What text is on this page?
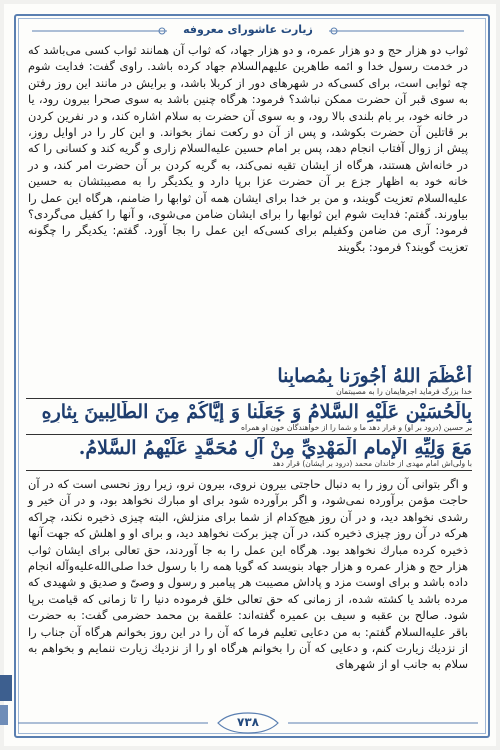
زيارت عاشوراى معروفه

ثواب دو هزار حج و دو هزار عمره، و دو هزار جهاد، كه ثواب آن همانند ثواب كسى مى‌باشد كه در خدمت رسول خدا و ائمه طاهرين عليهم‌السلام جهاد كرده باشد. راوى گفت: فدايت شوم چه ثوابى است، براى كسى‌كه در شهرهاى دور از كربلا باشد، و برايش در مانند اين روز رفتن به سوى قبر آن حضرت ممكن نباشد؟ فرمود: هرگاه چنين باشد به سوى صحرا بيرون رود، يا در خانه خود، بر بام بلندى بالا رود، و به سوى آن حضرت به سلام اشاره كند، و در نفرين كردن بر قاتلين آن حضرت بكوشد، و پس از آن دو ركعت نماز بخواند. و اين كار را در اوايل روز، پيش از زوال آفتاب انجام دهد، پس بر امام حسين عليه‌السلام زارى و گريه كند و كسانى را كه در خانه‌اش هستند، هرگاه از ايشان تقيه نمى‌كند، به گريه كردن بر آن حضرت امر كند، و در خانه خود به اظهار جزع بر آن حضرت عزا برپا دارد و يكديگر را به مصيبتشان به حسين عليه‌السلام تعزيت گويند، و من بر خدا براى ايشان همه آن ثوابها را ضامنم، هرگاه اين عمل را بياورند. گفتم: فدايت شوم اين ثوابها را براى ايشان ضامن مى‌شوى، و آنها را كفيل مى‌گردى؟ فرمود: آرى من ضامن وكفيلم براى كسى‌كه اين عمل را بجا آورد. گفتم: يكديگر را چگونه تعزيت گويند؟ فرمود: بگويند

أَعْظَمَ اللهُ أُجُورَنا بِمُصابِنا
خدا بزرگ فرمايد اجرهايمان را به مصيبتمان
بِالْحُسَيْنِ عَلَيْهِ السَّلامُ وَ جَعَلَنا وَ إيَّاكُمْ مِنَ الطّالِبينَ بِثارِهِ
بر حسين (درود بر او) و قرار دهد ما و شما را از خواهندگان خون او همراه
مَعَ وَلِيِّهِ الْإمامِ الْمَهْدِيِّ مِنْ آلِ مُحَمَّدٍ عَلَيْهِمُ السَّلامُ.
با ولى‌اش امام مهدى از خاندان محمد (درود بر ايشان) قرار دهد

و اگر بتوانى آن روز را به دنبال حاجتى بيرون نروى، بيرون نرو، زيرا روز نحسى است كه در آن حاجت مؤمن برآورده نمى‌شود، و اگر برآورده شود براى او مبارك نخواهد بود، و در آن خير و رشدى نخواهد ديد، و در آن روز هيچ‌كدام از شما براى منزلش، البته چيزى ذخيره نكند، چراكه هركه در آن روز چيزى ذخيره كند، در آن چيز بركت نخواهد ديد، و براى او و اهلش كه جهت آنها ذخيره كرده مبارك نخواهد بود. هرگاه اين عمل را به جا آوردند، حق تعالى براى ايشان ثواب هزار حج و هزار عمره و هزار جهاد بنويسد كه گويا همه را با رسول خدا صلى‌الله‌عليه‌وآله انجام داده باشد و براى اوست مزد و پاداش مصيبت هر پيامبر و رسول و وصىّ و صديق و شهيدى كه مرده باشد يا كشته شده، از زمانى كه حق تعالى خلق فرموده دنيا را تا زمانى كه قيامت برپا شود. صالح بن عقبه و سيف بن عميره گفته‌اند: علقمة بن محمد حضرمى گفت: به حضرت باقر عليه‌السلام گفتم: به من دعايى تعليم فرما كه آن را در اين روز بخوانم هرگاه آن جناب را از نزديك زيارت كنم، و دعايى كه آن را بخوانم هرگاه او را از نزديك زيارت ننمايم و بخواهم به سلام به جانب او از شهرهاى

٧٣٨
